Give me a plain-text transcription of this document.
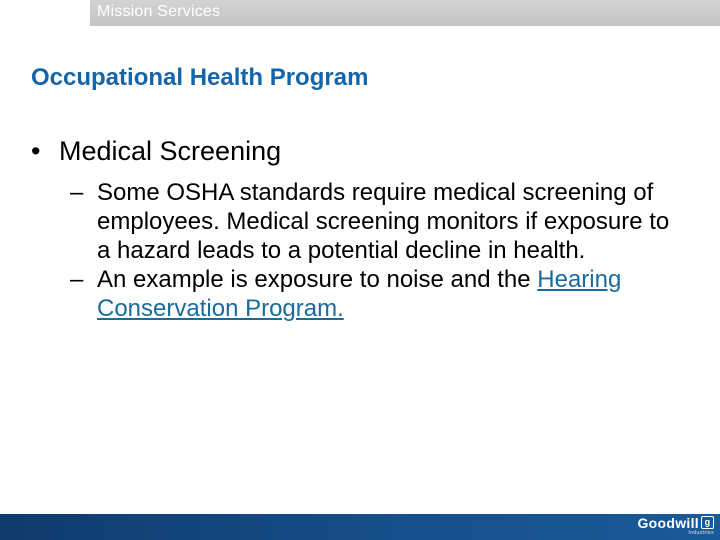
Mission Services
Occupational Health Program
• Medical Screening
– Some OSHA standards require medical screening of employees. Medical screening monitors if exposure to a hazard leads to a potential decline in health.
– An example is exposure to noise and the Hearing Conservation Program.
Goodwill g
Industries
